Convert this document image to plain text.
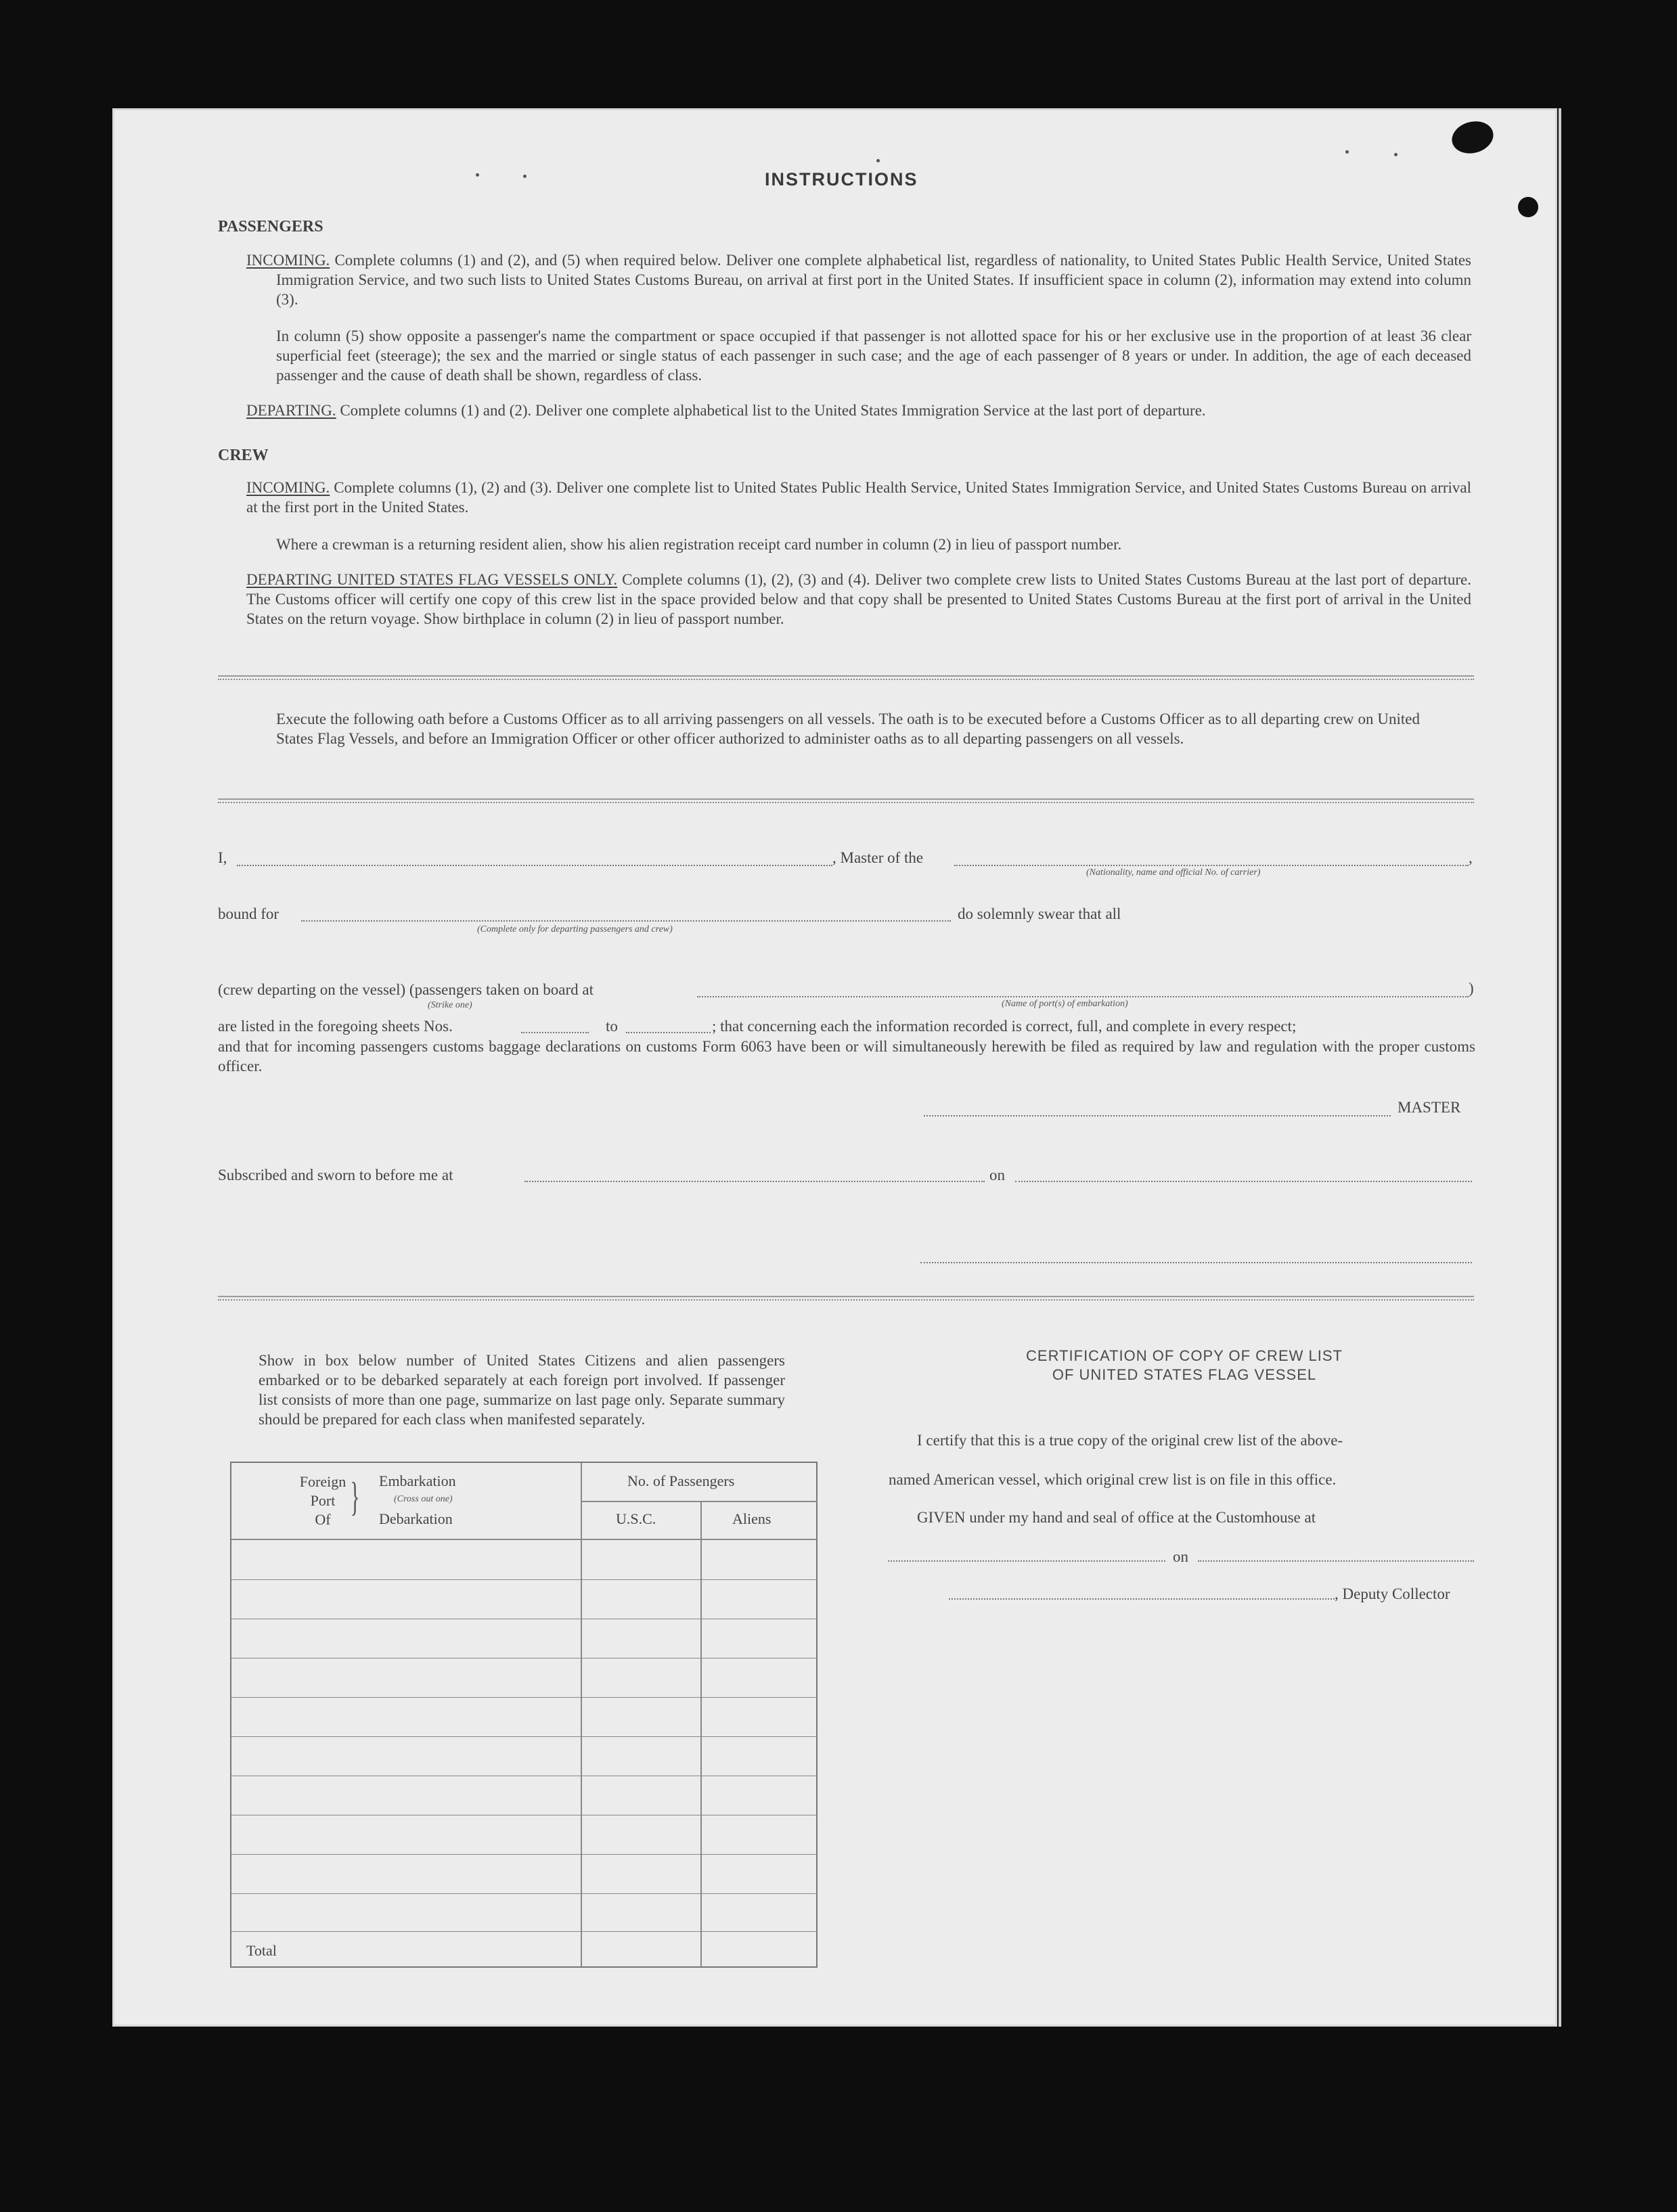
INSTRUCTIONS
PASSENGERS
INCOMING. Complete columns (1) and (2), and (5) when required below. Deliver one complete alphabetical list, regardless of nationality, to United States Public Health Service, United States Immigration Service, and two such lists to United States Customs Bureau, on arrival at first port in the United States. If insufficient space in column (2), information may extend into column (3).
In column (5) show opposite a passenger's name the compartment or space occupied if that passenger is not allotted space for his or her exclusive use in the proportion of at least 36 clear superficial feet (steerage); the sex and the married or single status of each passenger in such case; and the age of each passenger of 8 years or under. In addition, the age of each deceased passenger and the cause of death shall be shown, regardless of class.
DEPARTING. Complete columns (1) and (2). Deliver one complete alphabetical list to the United States Immigration Service at the last port of departure.
CREW
INCOMING. Complete columns (1), (2) and (3). Deliver one complete list to United States Public Health Service, United States Immigration Service, and United States Customs Bureau on arrival at the first port in the United States.
Where a crewman is a returning resident alien, show his alien registration receipt card number in column (2) in lieu of passport number.
DEPARTING UNITED STATES FLAG VESSELS ONLY. Complete columns (1), (2), (3) and (4). Deliver two complete crew lists to United States Customs Bureau at the last port of departure. The Customs officer will certify one copy of this crew list in the space provided below and that copy shall be presented to United States Customs Bureau at the first port of arrival in the United States on the return voyage. Show birthplace in column (2) in lieu of passport number.
Execute the following oath before a Customs Officer as to all arriving passengers on all vessels. The oath is to be executed before a Customs Officer as to all departing crew on United States Flag Vessels, and before an Immigration Officer or other officer authorized to administer oaths as to all departing passengers on all vessels.
I,	, Master of the	,
(Nationality, name and official No. of carrier)
bound for	do solemnly swear that all
(Complete only for departing passengers and crew)
(crew departing on the vessel) (passengers taken on board at	)
(Strike one)	(Name of port(s) of embarkation)
are listed in the foregoing sheets Nos.	to	; that concerning each the information recorded is correct, full, and complete in every respect;
and that for incoming passengers customs baggage declarations on customs Form 6063 have been or will simultaneously herewith be filed as required by law and regulation with the proper customs officer.
MASTER
Subscribed and sworn to before me at	on
Show in box below number of United States Citizens and alien passengers embarked or to be debarked separately at each foreign port involved. If passenger list consists of more than one page, summarize on last page only. Separate summary should be prepared for each class when manifested separately.
Foreign
Port
Of
} Embarkation
(Cross out one)
Debarkation
No. of Passengers
U.S.C.	Aliens
Total
CERTIFICATION OF COPY OF CREW LIST
OF UNITED STATES FLAG VESSEL
I certify that this is a true copy of the original crew list of the above-
named American vessel, which original crew list is on file in this office.
GIVEN under my hand and seal of office at the Customhouse at
on
, Deputy Collector
